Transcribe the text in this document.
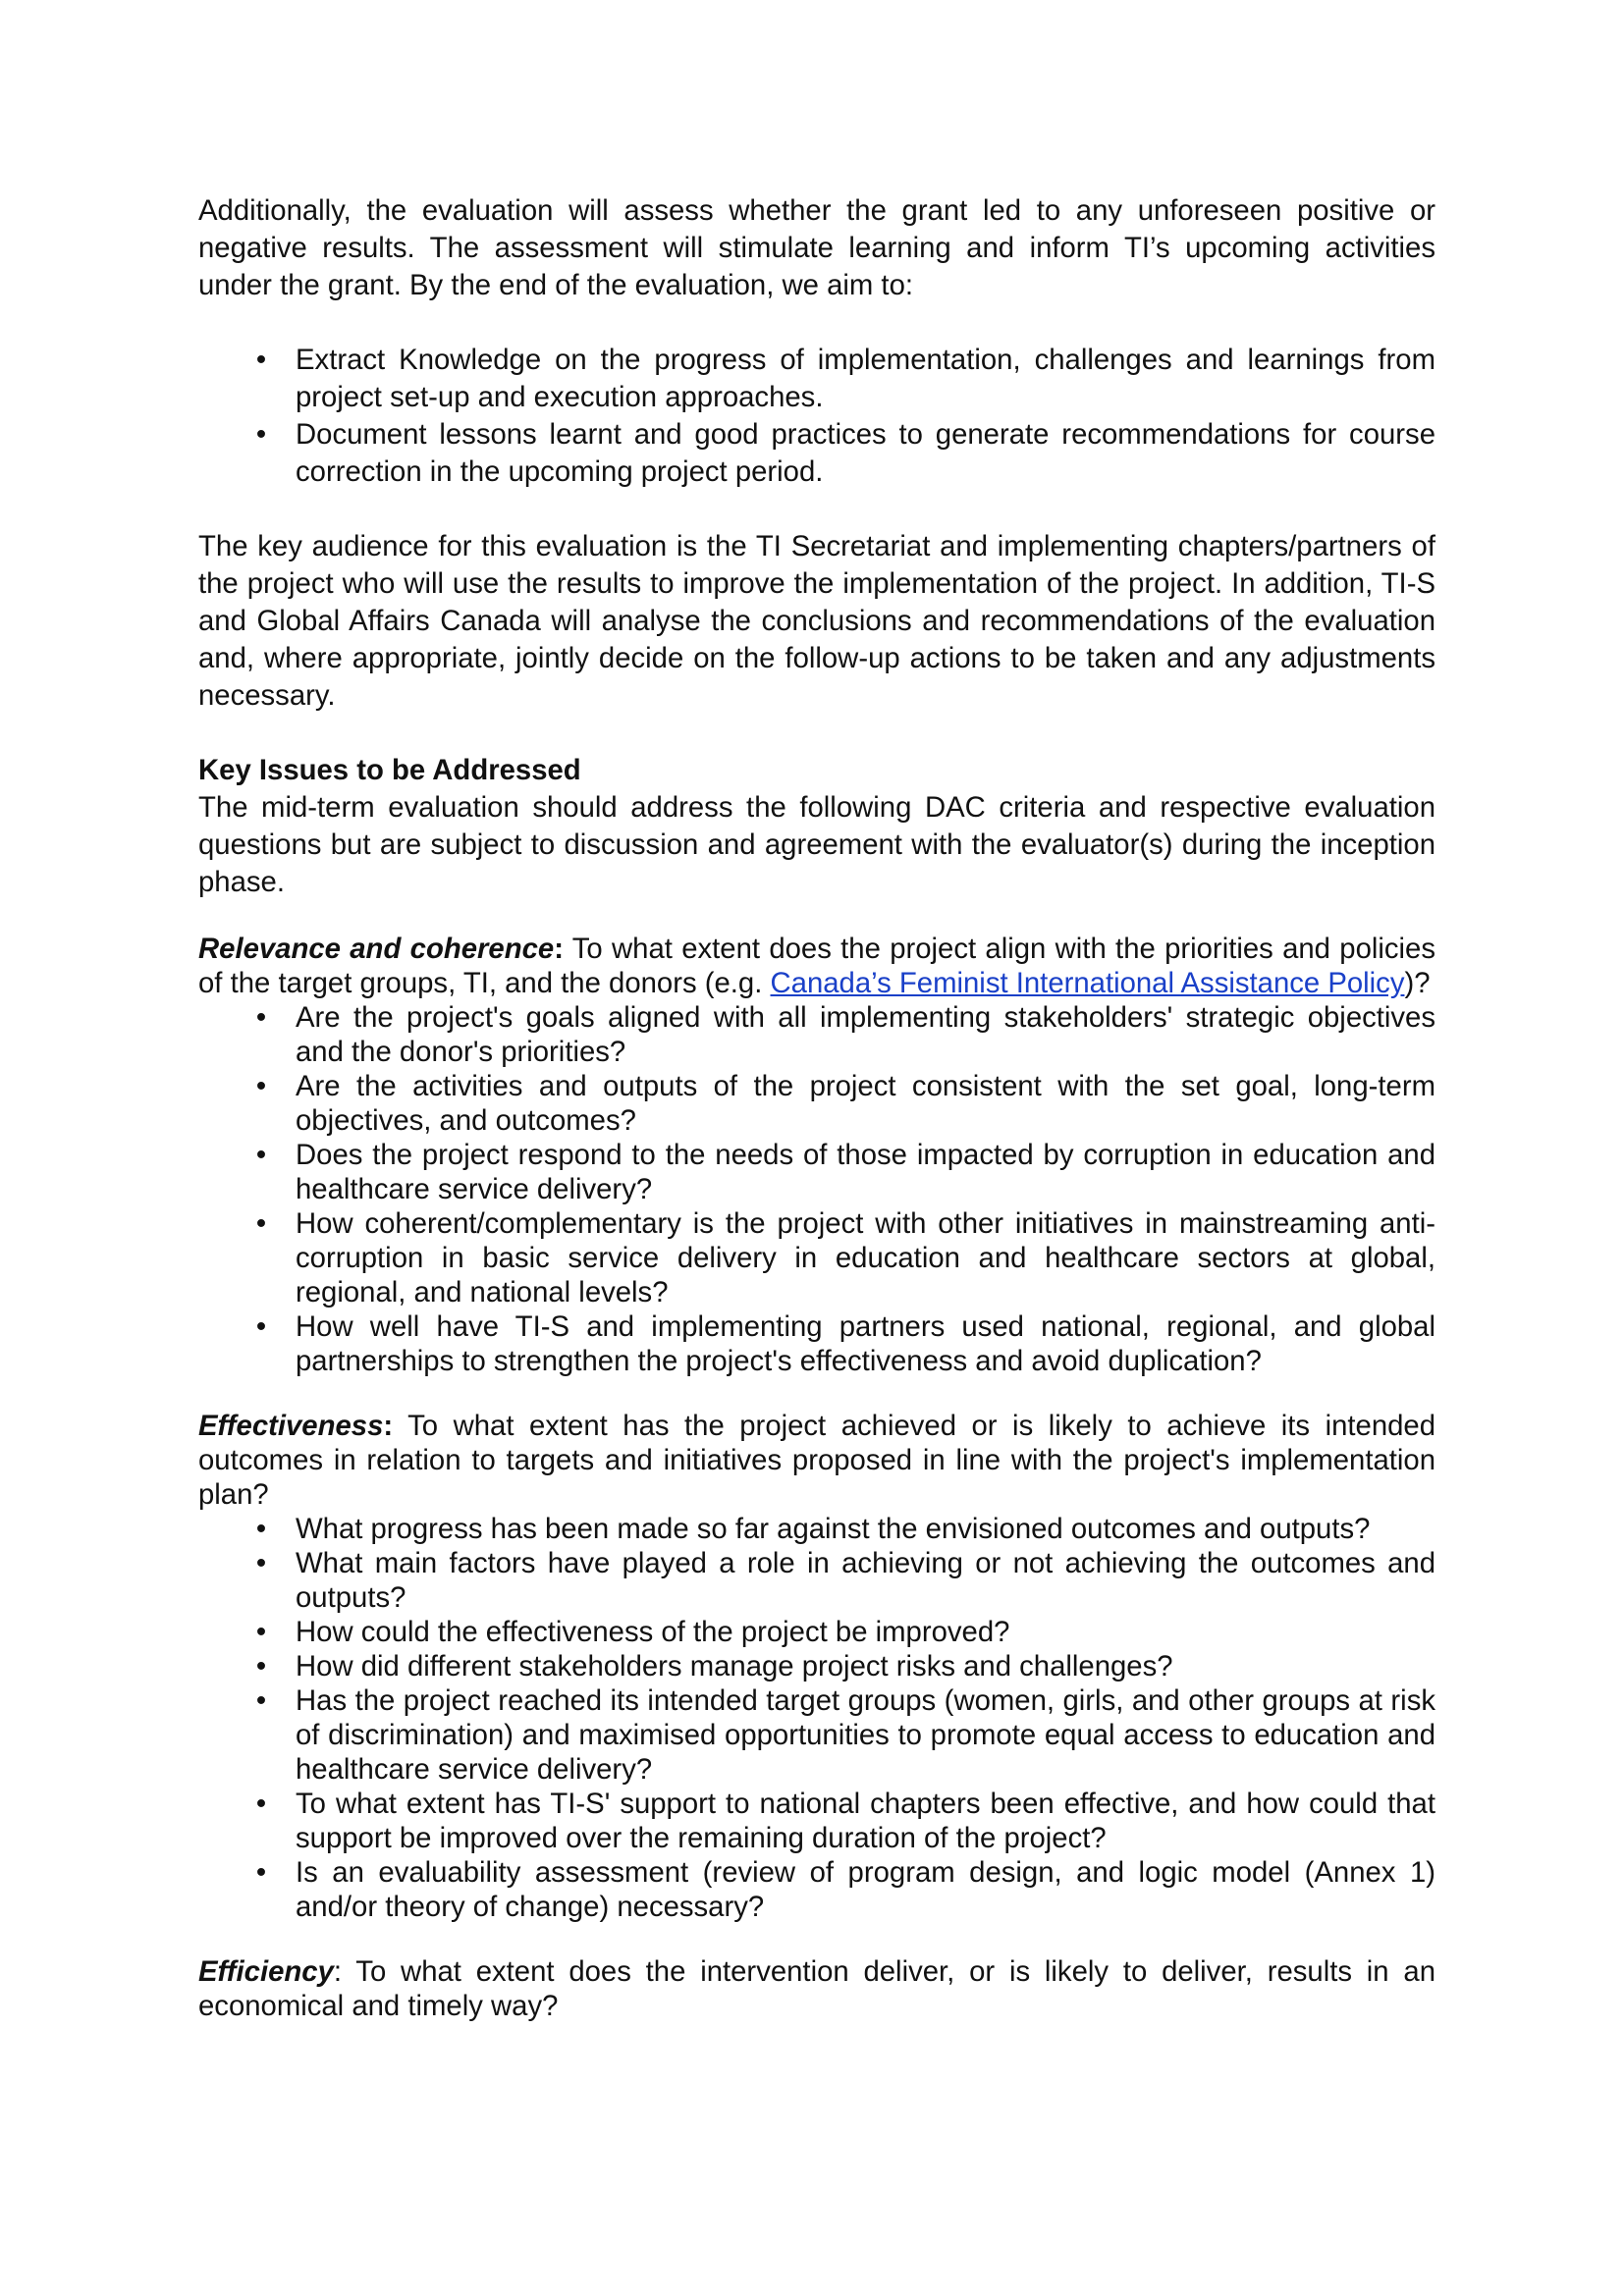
Additionally, the evaluation will assess whether the grant led to any unforeseen positive or negative results. The assessment will stimulate learning and inform TI’s upcoming activities under the grant. By the end of the evaluation, we aim to:

• Extract Knowledge on the progress of implementation, challenges and learnings from project set-up and execution approaches.
• Document lessons learnt and good practices to generate recommendations for course correction in the upcoming project period.

The key audience for this evaluation is the TI Secretariat and implementing chapters/partners of the project who will use the results to improve the implementation of the project. In addition, TI-S and Global Affairs Canada will analyse the conclusions and recommendations of the evaluation and, where appropriate, jointly decide on the follow-up actions to be taken and any adjustments necessary.

Key Issues to be Addressed

The mid-term evaluation should address the following DAC criteria and respective evaluation questions but are subject to discussion and agreement with the evaluator(s) during the inception phase.

Relevance and coherence: To what extent does the project align with the priorities and policies of the target groups, TI, and the donors (e.g. Canada’s Feminist International Assistance Policy)?

• Are the project's goals aligned with all implementing stakeholders' strategic objectives and the donor's priorities?
• Are the activities and outputs of the project consistent with the set goal, long-term objectives, and outcomes?
• Does the project respond to the needs of those impacted by corruption in education and healthcare service delivery?
• How coherent/complementary is the project with other initiatives in mainstreaming anti-corruption in basic service delivery in education and healthcare sectors at global, regional, and national levels?
• How well have TI-S and implementing partners used national, regional, and global partnerships to strengthen the project's effectiveness and avoid duplication?

Effectiveness: To what extent has the project achieved or is likely to achieve its intended outcomes in relation to targets and initiatives proposed in line with the project's implementation plan?

• What progress has been made so far against the envisioned outcomes and outputs?
• What main factors have played a role in achieving or not achieving the outcomes and outputs?
• How could the effectiveness of the project be improved?
• How did different stakeholders manage project risks and challenges?
• Has the project reached its intended target groups (women, girls, and other groups at risk of discrimination) and maximised opportunities to promote equal access to education and healthcare service delivery?
• To what extent has TI-S' support to national chapters been effective, and how could that support be improved over the remaining duration of the project?
• Is an evaluability assessment (review of program design, and logic model (Annex 1) and/or theory of change) necessary?

Efficiency: To what extent does the intervention deliver, or is likely to deliver, results in an economical and timely way?
